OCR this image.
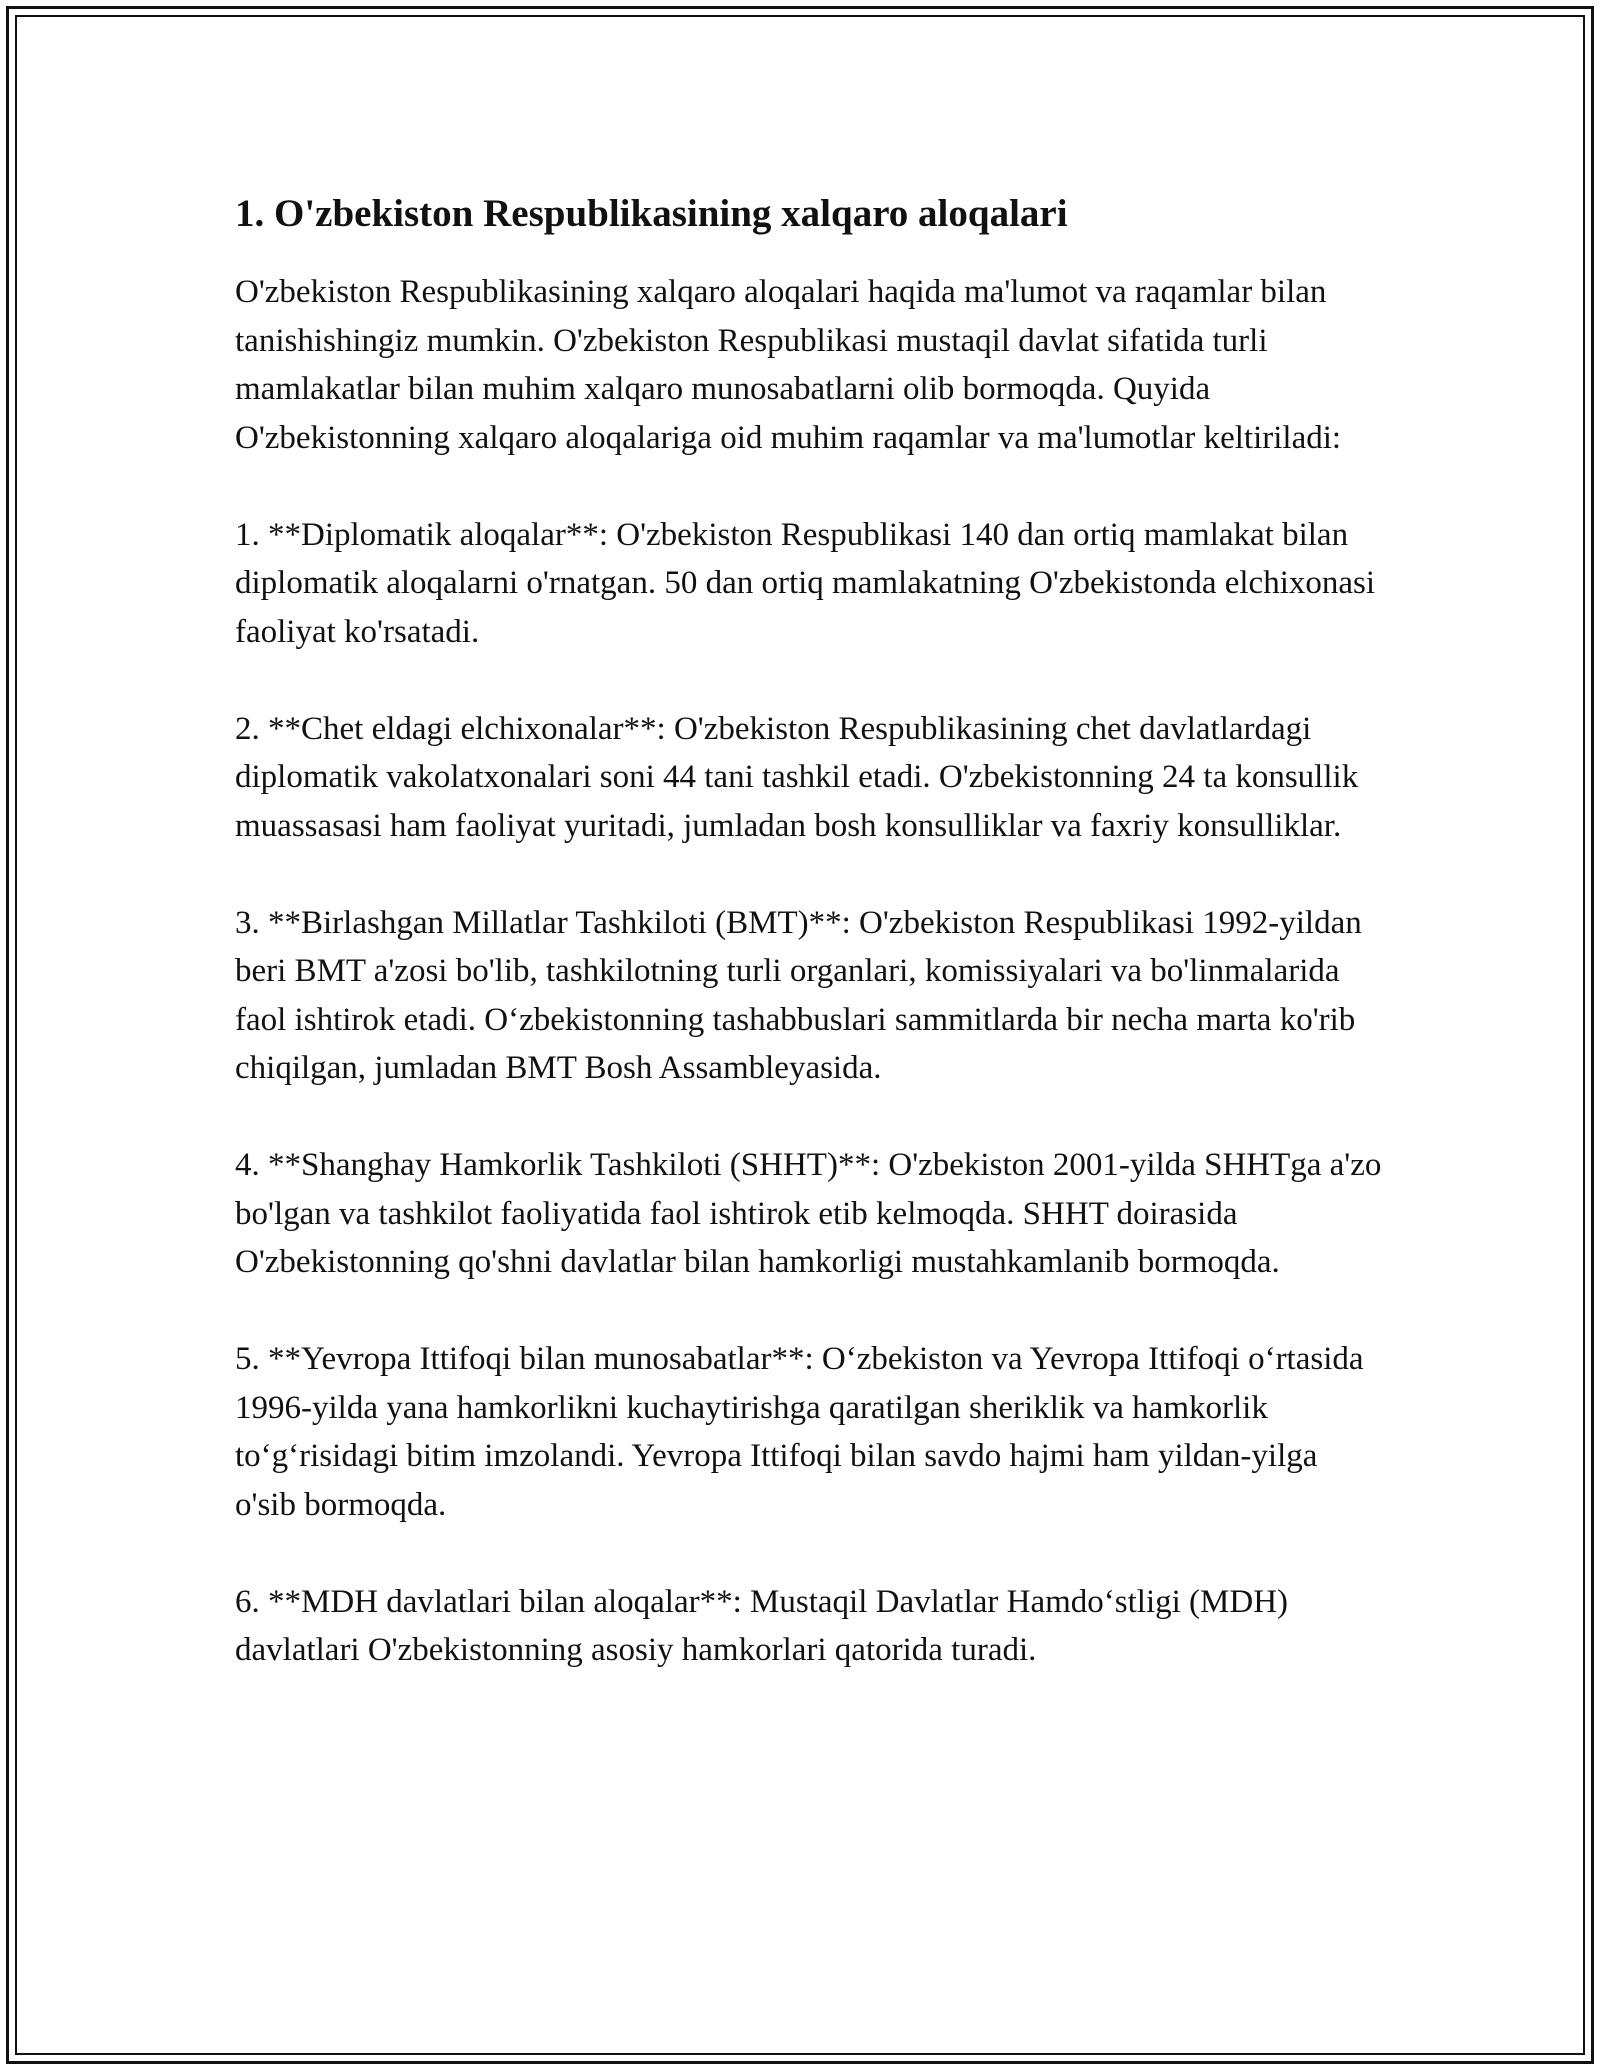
1. O'zbekiston Respublikasining xalqaro aloqalari

O'zbekiston Respublikasining xalqaro aloqalari haqida ma'lumot va raqamlar bilan tanishishingiz mumkin. O'zbekiston Respublikasi mustaqil davlat sifatida turli mamlakatlar bilan muhim xalqaro munosabatlarni olib bormoqda. Quyida O'zbekistonning xalqaro aloqalariga oid muhim raqamlar va ma'lumotlar keltiriladi:

1. **Diplomatik aloqalar**: O'zbekiston Respublikasi 140 dan ortiq mamlakat bilan diplomatik aloqalarni o'rnatgan. 50 dan ortiq mamlakatning O'zbekistonda elchixonasi faoliyat ko'rsatadi.

2. **Chet eldagi elchixonalar**: O'zbekiston Respublikasining chet davlatlardagi diplomatik vakolatxonalari soni 44 tani tashkil etadi. O'zbekistonning 24 ta konsullik muassasasi ham faoliyat yuritadi, jumladan bosh konsulliklar va faxriy konsulliklar.

3. **Birlashgan Millatlar Tashkiloti (BMT)**: O'zbekiston Respublikasi 1992-yildan beri BMT a'zosi bo'lib, tashkilotning turli organlari, komissiyalari va bo'linmalarida faol ishtirok etadi. O‘zbekistonning tashabbuslari sammitlarda bir necha marta ko'rib chiqilgan, jumladan BMT Bosh Assambleyasida.

4. **Shanghay Hamkorlik Tashkiloti (SHHT)**: O'zbekiston 2001-yilda SHHTga a'zo bo'lgan va tashkilot faoliyatida faol ishtirok etib kelmoqda. SHHT doirasida O'zbekistonning qo'shni davlatlar bilan hamkorligi mustahkamlanib bormoqda.

5. **Yevropa Ittifoqi bilan munosabatlar**: O‘zbekiston va Yevropa Ittifoqi o‘rtasida 1996-yilda yana hamkorlikni kuchaytirishga qaratilgan sheriklik va hamkorlik to‘g‘risidagi bitim imzolandi. Yevropa Ittifoqi bilan savdo hajmi ham yildan-yilga o'sib bormoqda.

6. **MDH davlatlari bilan aloqalar**: Mustaqil Davlatlar Hamdo‘stligi (MDH) davlatlari O'zbekistonning asosiy hamkorlari qatorida turadi.
